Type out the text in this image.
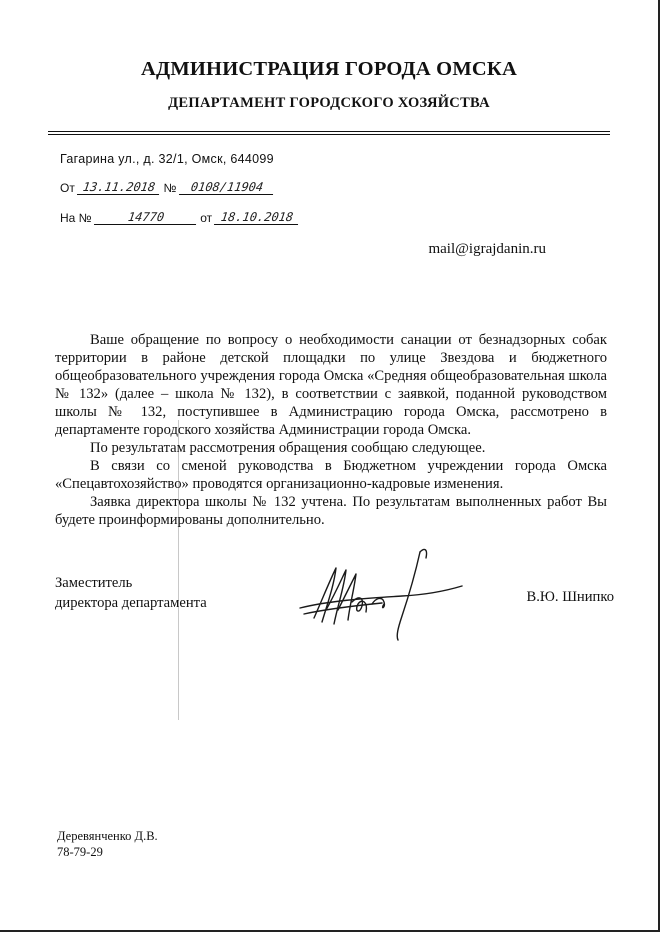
АДМИНИСТРАЦИЯ ГОРОДА ОМСКА
ДЕПАРТАМЕНТ ГОРОДСКОГО ХОЗЯЙСТВА
Гагарина ул., д. 32/1, Омск, 644099
От 13.11.2018 № 0108/11904
На №	14770	от 18.10.2018
mail@igrajdanin.ru

Ваше обращение по вопросу о необходимости санации от безнадзорных собак территории в районе детской площадки по улице Звездова и бюджетного общеобразовательного учреждения города Омска «Средняя общеобразовательная школа № 132» (далее – школа № 132), в соответствии с заявкой, поданной руководством школы № 132, поступившее в Администрацию города Омска, рассмотрено в департаменте городского хозяйства Администрации города Омска.

По результатам рассмотрения обращения сообщаю следующее.

В связи со сменой руководства в Бюджетном учреждении города Омска «Спецавтохозяйство» проводятся организационно-кадровые изменения.

Заявка директора школы № 132 учтена. По результатам выполненных работ Вы будете проинформированы дополнительно.

Заместитель
директора департамента	В.Ю. Шнипко
Деревянченко Д.В.
78-79-29
